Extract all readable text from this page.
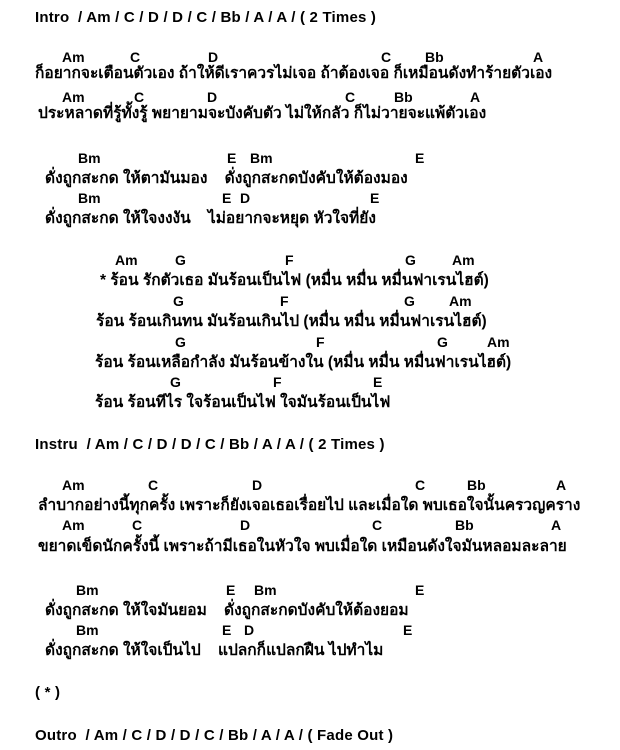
Intro  / Am / C / D / D / C / Bb / A / A / ( 2 Times )
Am	C	D	C Bb	A
ก็อยากจะเตือนตัวเอง ถ้าให้ดีเราควรไม่เจอ ถ้าต้องเจอ ก็เหมือนดังทำร้ายตัวเอง
Am	C	D	C	Bb	A
ประหลาดที่รู้ทั้งรู้ พยายามจะบังคับตัว ไม่ให้กลัว ก็ไม่วายจะแพ้ตัวเอง
Bm	E Bm	E
ดั่งถูกสะกด ให้ตามันมอง    ดั่งถูกสะกดบังคับให้ต้องมอง
Bm	E D	E
ดั่งถูกสะกด ให้ใจงงงัน    ไม่อยากจะหยุด หัวใจที่ยัง
Am	G	F	G	Am
* ร้อน รักตัวเธอ มันร้อนเป็นไฟ (หมื่น หมื่น หมื่นฟาเรนไฮต์)
G	F	G Am
ร้อน ร้อนเกินทน มันร้อนเกินไป (หมื่น หมื่น หมื่นฟาเรนไฮต์)
G	F	G	Am
ร้อน ร้อนเหลือกำลัง มันร้อนข้างใน (หมื่น หมื่น หมื่นฟาเรนไฮต์)
G	F	E
ร้อน ร้อนทีไร ใจร้อนเป็นไฟ ใจมันร้อนเป็นไฟ
Instru  / Am / C / D / D / C / Bb / A / A / ( 2 Times )
Am	C	D	C	Bb	A
ลำบากอย่างนี้ทุกครั้ง เพราะก็ยังเจอเธอเรื่อยไป และเมื่อใด พบเธอใจนั้นครวญคราง
Am	C	D	C	Bb	A
ขยาดเข็ดนักครั้งนี้ เพราะถ้ามีเธอในหัวใจ พบเมื่อใด เหมือนดังใจมันหลอมละลาย
Bm	E Bm	E
ดั่งถูกสะกด ให้ใจมันยอม    ดั่งถูกสะกดบังคับให้ต้องยอม
Bm	E D	E
ดั่งถูกสะกด ให้ใจเป็นไป    แปลกก็แปลกฝืน ไปทำไม
( * )
Outro  / Am / C / D / D / C / Bb / A / A / ( Fade Out )
